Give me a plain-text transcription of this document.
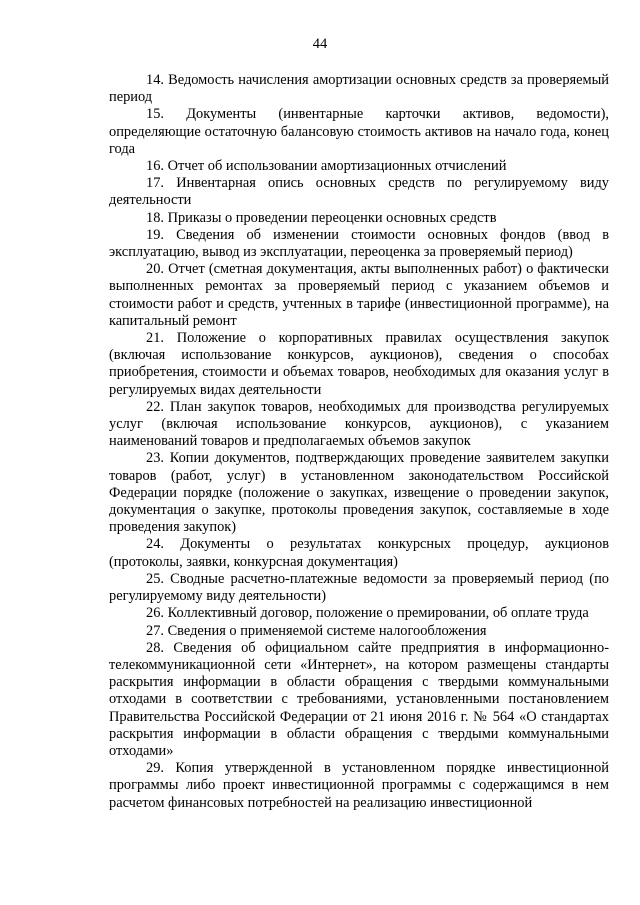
44

14. Ведомость начисления амортизации основных средств за проверяемый период

15. Документы (инвентарные карточки активов, ведомости), определяющие остаточную балансовую стоимость активов на начало года, конец года

16. Отчет об использовании амортизационных отчислений

17. Инвентарная опись основных средств по регулируемому виду деятельности

18. Приказы о проведении переоценки основных средств

19. Сведения об изменении стоимости основных фондов (ввод в эксплуатацию, вывод из эксплуатации, переоценка за проверяемый период)

20. Отчет (сметная документация, акты выполненных работ) о фактически выполненных ремонтах за проверяемый период с указанием объемов и стоимости работ и средств, учтенных в тарифе (инвестиционной программе), на капитальный ремонт

21. Положение о корпоративных правилах осуществления закупок (включая использование конкурсов, аукционов), сведения о способах приобретения, стоимости и объемах товаров, необходимых для оказания услуг в регулируемых видах деятельности

22. План закупок товаров, необходимых для производства регулируемых услуг (включая использование конкурсов, аукционов), с указанием наименований товаров и предполагаемых объемов закупок

23. Копии документов, подтверждающих проведение заявителем закупки товаров (работ, услуг) в установленном законодательством Российской Федерации порядке (положение о закупках, извещение о проведении закупок, документация о закупке, протоколы проведения закупок, составляемые в ходе проведения закупок)

24. Документы о результатах конкурсных процедур, аукционов (протоколы, заявки, конкурсная документация)

25. Сводные расчетно-платежные ведомости за проверяемый период (по регулируемому виду деятельности)

26. Коллективный договор, положение о премировании, об оплате труда

27. Сведения о применяемой системе налогообложения

28. Сведения об официальном сайте предприятия в информационно-телекоммуникационной сети «Интернет», на котором размещены стандарты раскрытия информации в области обращения с твердыми коммунальными отходами в соответствии с требованиями, установленными постановлением Правительства Российской Федерации от 21 июня 2016 г. № 564 «О стандартах раскрытия информации в области обращения с твердыми коммунальными отходами»

29. Копия утвержденной в установленном порядке инвестиционной программы либо проект инвестиционной программы с содержащимся в нем расчетом финансовых потребностей на реализацию инвестиционной
